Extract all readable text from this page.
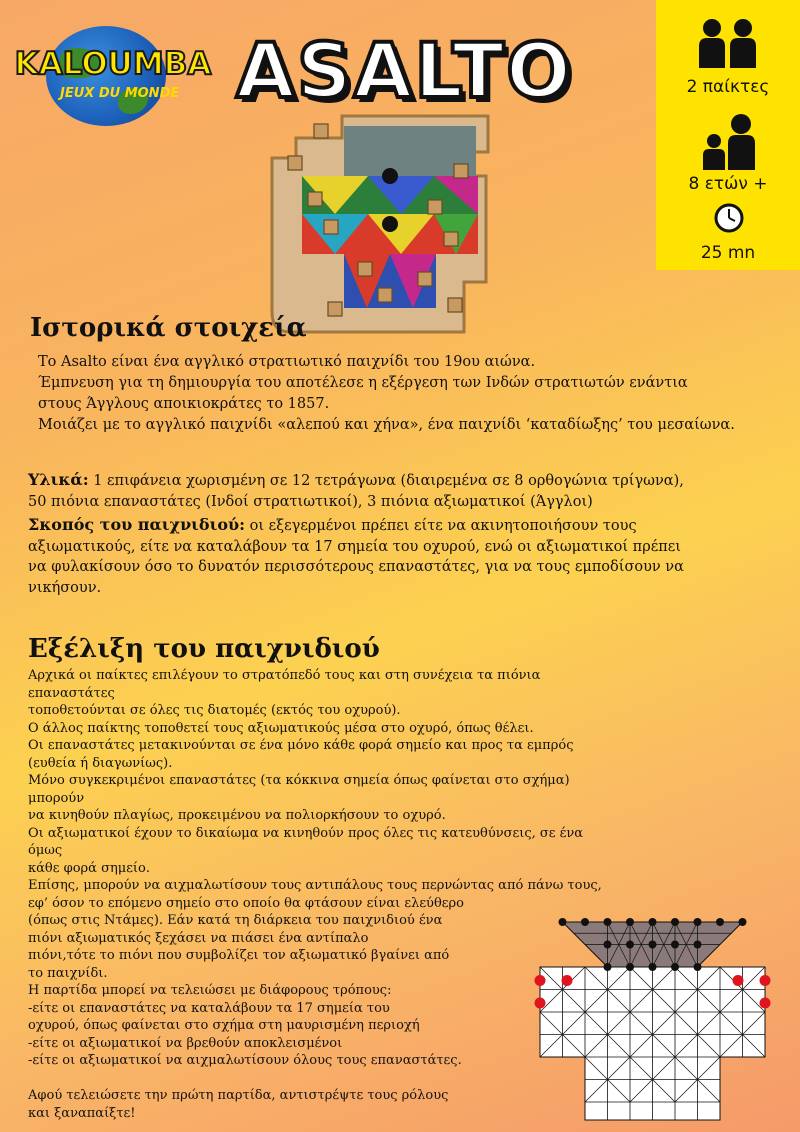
KALOUMBA
JEUX DU MONDE ASALTO	2 παίκτες
8 ετών +
25 mn
Ιστορικά στοιχεία

Το Asalto είναι ένα αγγλικό στρατιωτικό παιχνίδι του 19ου αιώνα.

Έμπνευση για τη δημιουργία του αποτέλεσε η εξέργεση των Ινδών στρατιωτών ενάντια

στους Άγγλους αποικιοκράτες το 1857.

Μοιάζει με το αγγλικό παιχνίδι «αλεπού και χήνα», ένα παιχνίδι ‘καταδίωξης’ του μεσαίωνα.

Υλικά: 1 επιφάνεια χωρισμένη σε 12 τετράγωνα (διαιρεμένα σε 8 ορθογώνια τρίγωνα),

50 πιόνια επαναστάτες (Ινδοί στρατιωτικοί), 3 πιόνια αξιωματικοί (Άγγλοι)

Σκοπός του παιχνιδιού: οι εξεγερμένοι πρέπει είτε να ακινητοποιήσουν τους

αξιωματικούς, είτε να καταλάβουν τα 17 σημεία του οχυρού, ενώ οι αξιωματικοί πρέπει

να φυλακίσουν όσο το δυνατόν περισσότερους επαναστάτες, για να τους εμποδίσουν να

νικήσουν.

Εξέλιξη του παιχνιδιού

Αρχικά οι παίκτες επιλέγουν το στρατόπεδό τους και στη συνέχεια τα πιόνια επαναστάτες

τοποθετούνται σε όλες τις διατομές (εκτός του οχυρού).

Ο άλλος παίκτης τοποθετεί τους αξιωματικούς μέσα στο οχυρό, όπως θέλει.

Οι επαναστάτες μετακινούνται σε ένα μόνο κάθε φορά σημείο και προς τα εμπρός

(ευθεία ή διαγωνίως).

Μόνο συγκεκριμένοι επαναστάτες (τα κόκκινα σημεία όπως φαίνεται στο σχήμα) μπορούν

να κινηθούν πλαγίως, προκειμένου να πολιορκήσουν το οχυρό.

Οι αξιωματικοί έχουν το δικαίωμα να κινηθούν προς όλες τις κατευθύνσεις, σε ένα όμως

κάθε φορά σημείο.

Επίσης, μπορούν να αιχμαλωτίσουν τους αντιπάλους τους περνώντας από πάνω τους,

εφ’ όσον το επόμενο σημείο στο οποίο θα φτάσουν είναι ελεύθερο

(όπως στις Ντάμες). Εάν κατά τη διάρκεια του παιχνιδιού ένα

πιόνι αξιωματικός ξεχάσει να πιάσει ένα αντίπαλο

πιόνι,τότε το πιόνι που συμβολίζει τον αξιωματικό βγαίνει από

το παιχνίδι.

Η παρτίδα μπορεί να τελειώσει με διάφορους τρόπους:

-είτε οι επαναστάτες να καταλάβουν τα 17 σημεία του

οχυρού, όπως φαίνεται στο σχήμα στη μαυρισμένη περιοχή

-είτε οι αξιωματικοί να βρεθούν αποκλεισμένοι

-είτε οι αξιωματικοί να αιχμαλωτίσουν όλους τους επαναστάτες.

Αφού τελειώσετε την πρώτη παρτίδα, αντιστρέψτε τους ρόλους

και ξαναπαίξτε!
